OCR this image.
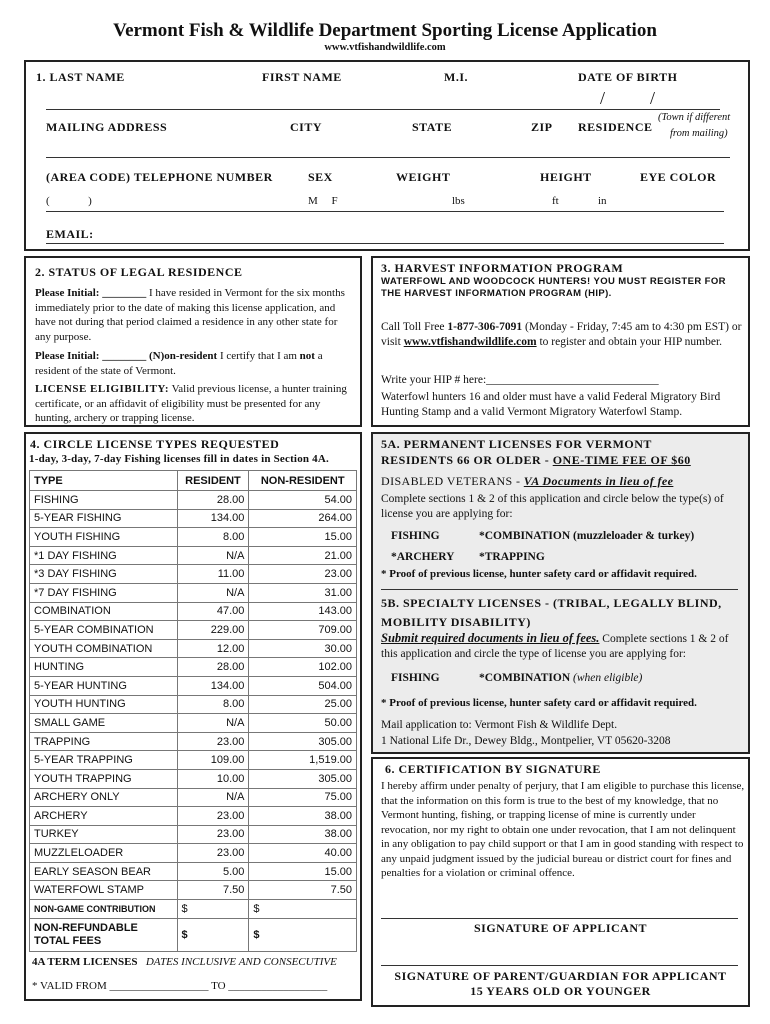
Vermont Fish & Wildlife Department Sporting License Application
www.vtfishandwildlife.com
1. LAST NAME	FIRST NAME	M.I.	DATE OF BIRTH
/          /
MAILING ADDRESS	CITY	STATE	ZIP RESIDENCE
(Town if different
from mailing)
(AREA CODE) TELEPHONE NUMBER	SEX	WEIGHT	HEIGHT	EYE COLOR
(              )	M     F	lbs	ft	in
EMAIL:
2. STATUS OF LEGAL RESIDENCE
Please Initial: ________ I have resided in Vermont for the six months immediately prior to the date of making this license application, and have not during that period claimed a residence in any other state for any purpose.
Please Initial: ________ (N)on-resident I certify that I am not a resident of the state of Vermont.
LICENSE ELIGIBILITY: Valid previous license, a hunter training certificate, or an affidavit of eligibility must be presented for any hunting, archery or trapping license.
3. HARVEST INFORMATION PROGRAM
WATERFOWL AND WOODCOCK HUNTERS! YOU MUST REGISTER FOR THE HARVEST INFORMATION PROGRAM (HIP).
Call Toll Free 1-877-306-7091 (Monday - Friday, 7:45 am to 4:30 pm EST) or visit www.vtfishandwildlife.com to register and obtain your HIP number.
Write your HIP # here:______________________________
Waterfowl hunters 16 and older must have a valid Federal Migratory Bird Hunting Stamp and a valid Vermont Migratory Waterfowl Stamp.
4. CIRCLE LICENSE TYPES REQUESTED
1-day, 3-day, 7-day Fishing licenses fill in dates in Section 4A.
TYPE	RESIDENT	NON-RESIDENT
FISHING	28.00	54.00
5-YEAR FISHING	134.00	264.00
YOUTH FISHING	8.00	15.00
*1 DAY FISHING	N/A	21.00
*3 DAY FISHING	11.00	23.00
*7 DAY FISHING	N/A	31.00
COMBINATION	47.00	143.00
5-YEAR COMBINATION	229.00	709.00
YOUTH COMBINATION	12.00	30.00
HUNTING	28.00	102.00
5-YEAR HUNTING	134.00	504.00
YOUTH HUNTING	8.00	25.00
SMALL GAME	N/A	50.00
TRAPPING	23.00	305.00
5-YEAR TRAPPING	109.00	1,519.00
YOUTH TRAPPING	10.00	305.00
ARCHERY ONLY	N/A	75.00
ARCHERY	23.00	38.00
TURKEY	23.00	38.00
MUZZLELOADER	23.00	40.00
EARLY SEASON BEAR	5.00	15.00
WATERFOWL STAMP	7.50	7.50
NON-GAME CONTRIBUTION	$	$
NON-REFUNDABLE TOTAL FEES	$	$
4A TERM LICENSES DATES INCLUSIVE AND CONSECUTIVE
* VALID FROM __________________ TO __________________
5A. PERMANENT LICENSES FOR VERMONT
RESIDENTS 66 OR OLDER - ONE-TIME FEE OF $60
DISABLED VETERANS - VA Documents in lieu of fee
Complete sections 1 & 2 of this application and circle below the type(s) of license you are applying for:
FISHING	*COMBINATION (muzzleloader & turkey)
*ARCHERY *TRAPPING
* Proof of previous license, hunter safety card or affidavit required.
5B. SPECIALTY LICENSES - (TRIBAL, LEGALLY BLIND, MOBILITY DISABILITY)
Submit required documents in lieu of fees. Complete sections 1 & 2 of this application and circle the type of license you are applying for:
FISHING	*COMBINATION (when eligible)
* Proof of previous license, hunter safety card or affidavit required.
Mail application to: Vermont Fish & Wildlife Dept.
1 National Life Dr., Dewey Bldg., Montpelier, VT 05620-3208
6. CERTIFICATION BY SIGNATURE
I hereby affirm under penalty of perjury, that I am eligible to purchase this license, that the information on this form is true to the best of my knowledge, that no Vermont hunting, fishing, or trapping license of mine is currently under revocation, nor my right to obtain one under revocation, that I am not delinquent in any obligation to pay child support or that I am in good standing with respect to any unpaid judgment issued by the judicial bureau or district court for fines and penalties for a violation or criminal offence.
SIGNATURE OF APPLICANT
SIGNATURE OF PARENT/GUARDIAN FOR APPLICANT
15 YEARS OLD OR YOUNGER
